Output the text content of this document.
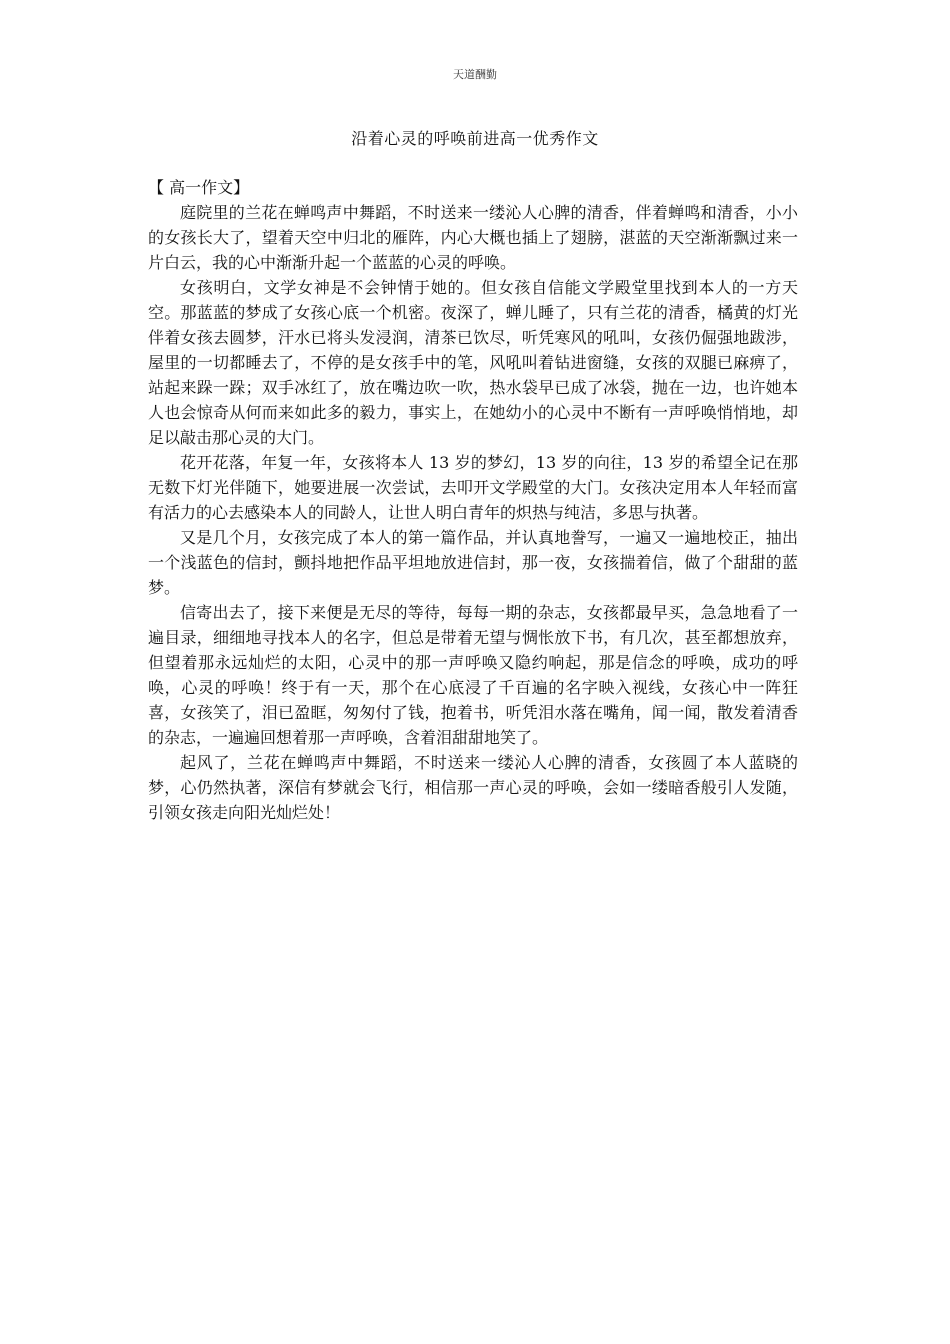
天道酬勤
沿着心灵的呼唤前进高一优秀作文

【 高一作文】

庭院里的兰花在蝉鸣声中舞蹈，不时送来一缕沁人心脾的清香，伴着蝉鸣和清香，小小的女孩长大了，望着天空中归北的雁阵，内心大概也插上了翅膀，湛蓝的天空渐渐飘过来一片白云，我的心中渐渐升起一个蓝蓝的心灵的呼唤。

女孩明白，文学女神是不会钟情于她的。但女孩自信能文学殿堂里找到本人的一方天空。那蓝蓝的梦成了女孩心底一个机密。夜深了，蝉儿睡了，只有兰花的清香，橘黄的灯光伴着女孩去圆梦，汗水已将头发浸润，清茶已饮尽，听凭寒风的吼叫，女孩仍倔强地跋涉，屋里的一切都睡去了，不停的是女孩手中的笔，风吼叫着钻进窗缝，女孩的双腿已麻痹了，站起来跺一跺；双手冰红了，放在嘴边吹一吹，热水袋早已成了冰袋，抛在一边，也许她本人也会惊奇从何而来如此多的毅力，事实上，在她幼小的心灵中不断有一声呼唤悄悄地，却足以敲击那心灵的大门。

花开花落，年复一年，女孩将本人 13 岁的梦幻，13 岁的向往，13 岁的希望全记在那无数下灯光伴随下，她要进展一次尝试，去叩开文学殿堂的大门。女孩决定用本人年轻而富有活力的心去感染本人的同龄人，让世人明白青年的炽热与纯洁，多思与执著。

又是几个月，女孩完成了本人的第一篇作品，并认真地誊写，一遍又一遍地校正，抽出一个浅蓝色的信封，颤抖地把作品平坦地放进信封，那一夜，女孩揣着信，做了个甜甜的蓝梦。

信寄出去了，接下来便是无尽的等待，每每一期的杂志，女孩都最早买，急急地看了一遍目录，细细地寻找本人的名字，但总是带着无望与惆怅放下书，有几次，甚至都想放弃，但望着那永远灿烂的太阳，心灵中的那一声呼唤又隐约响起，那是信念的呼唤，成功的呼唤，心灵的呼唤！终于有一天，那个在心底浸了千百遍的名字映入视线，女孩心中一阵狂喜，女孩笑了，泪已盈眶，匆匆付了钱，抱着书，听凭泪水落在嘴角，闻一闻，散发着清香的杂志，一遍遍回想着那一声呼唤，含着泪甜甜地笑了。

起风了，兰花在蝉鸣声中舞蹈，不时送来一缕沁人心脾的清香，女孩圆了本人蓝晓的梦，心仍然执著，深信有梦就会飞行，相信那一声心灵的呼唤，会如一缕暗香般引人发随，引领女孩走向阳光灿烂处！
